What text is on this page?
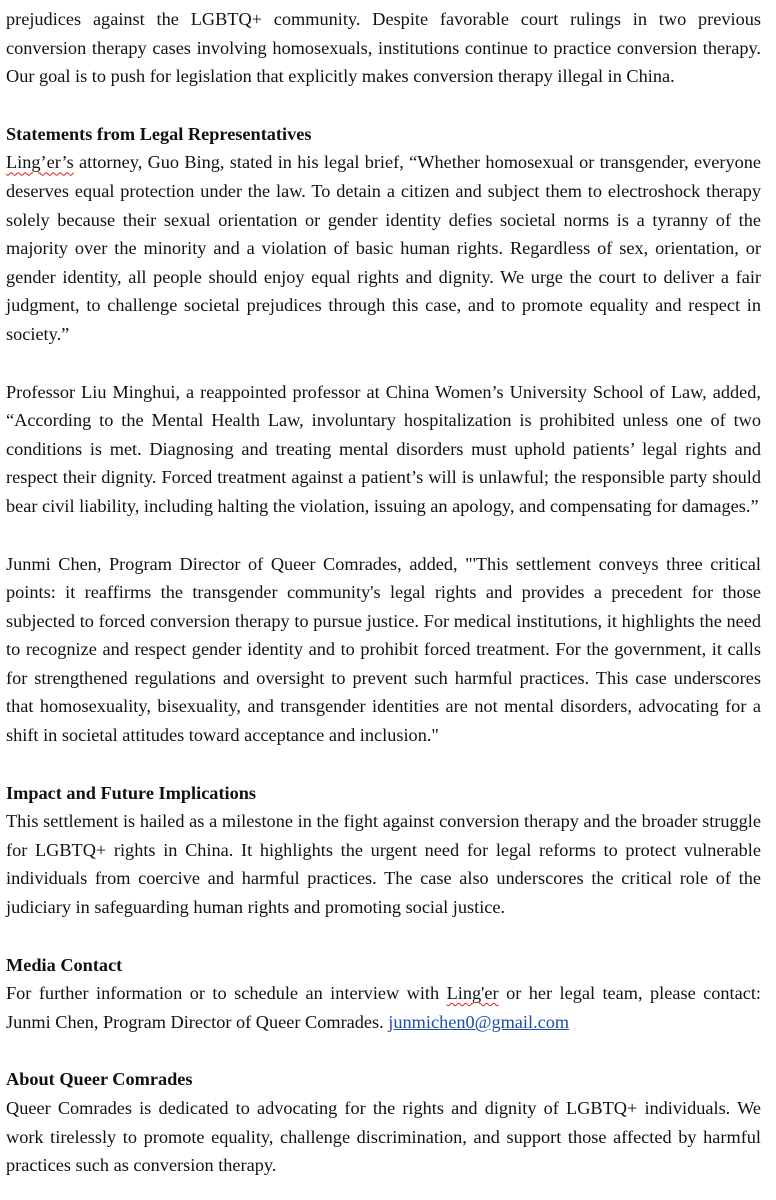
prejudices against the LGBTQ+ community. Despite favorable court rulings in two previous conversion therapy cases involving homosexuals, institutions continue to practice conversion therapy. Our goal is to push for legislation that explicitly makes conversion therapy illegal in China.

Statements from Legal Representatives

Ling’er’s attorney, Guo Bing, stated in his legal brief, “Whether homosexual or transgender, everyone deserves equal protection under the law. To detain a citizen and subject them to electroshock therapy solely because their sexual orientation or gender identity defies societal norms is a tyranny of the majority over the minority and a violation of basic human rights. Regardless of sex, orientation, or gender identity, all people should enjoy equal rights and dignity. We urge the court to deliver a fair judgment, to challenge societal prejudices through this case, and to promote equality and respect in society.”

Professor Liu Minghui, a reappointed professor at China Women’s University School of Law, added, “According to the Mental Health Law, involuntary hospitalization is prohibited unless one of two conditions is met. Diagnosing and treating mental disorders must uphold patients’ legal rights and respect their dignity. Forced treatment against a patient’s will is unlawful; the responsible party should bear civil liability, including halting the violation, issuing an apology, and compensating for damages.”

Junmi Chen, Program Director of Queer Comrades, added, "'This settlement conveys three critical points: it reaffirms the transgender community's legal rights and provides a precedent for those subjected to forced conversion therapy to pursue justice. For medical institutions, it highlights the need to recognize and respect gender identity and to prohibit forced treatment. For the government, it calls for strengthened regulations and oversight to prevent such harmful practices. This case underscores that homosexuality, bisexuality, and transgender identities are not mental disorders, advocating for a shift in societal attitudes toward acceptance and inclusion."

Impact and Future Implications

This settlement is hailed as a milestone in the fight against conversion therapy and the broader struggle for LGBTQ+ rights in China. It highlights the urgent need for legal reforms to protect vulnerable individuals from coercive and harmful practices. The case also underscores the critical role of the judiciary in safeguarding human rights and promoting social justice.

Media Contact

For further information or to schedule an interview with Ling'er or her legal team, please contact: Junmi Chen, Program Director of Queer Comrades. junmichen0@gmail.com

About Queer Comrades

Queer Comrades is dedicated to advocating for the rights and dignity of LGBTQ+ individuals. We work tirelessly to promote equality, challenge discrimination, and support those affected by harmful practices such as conversion therapy.
